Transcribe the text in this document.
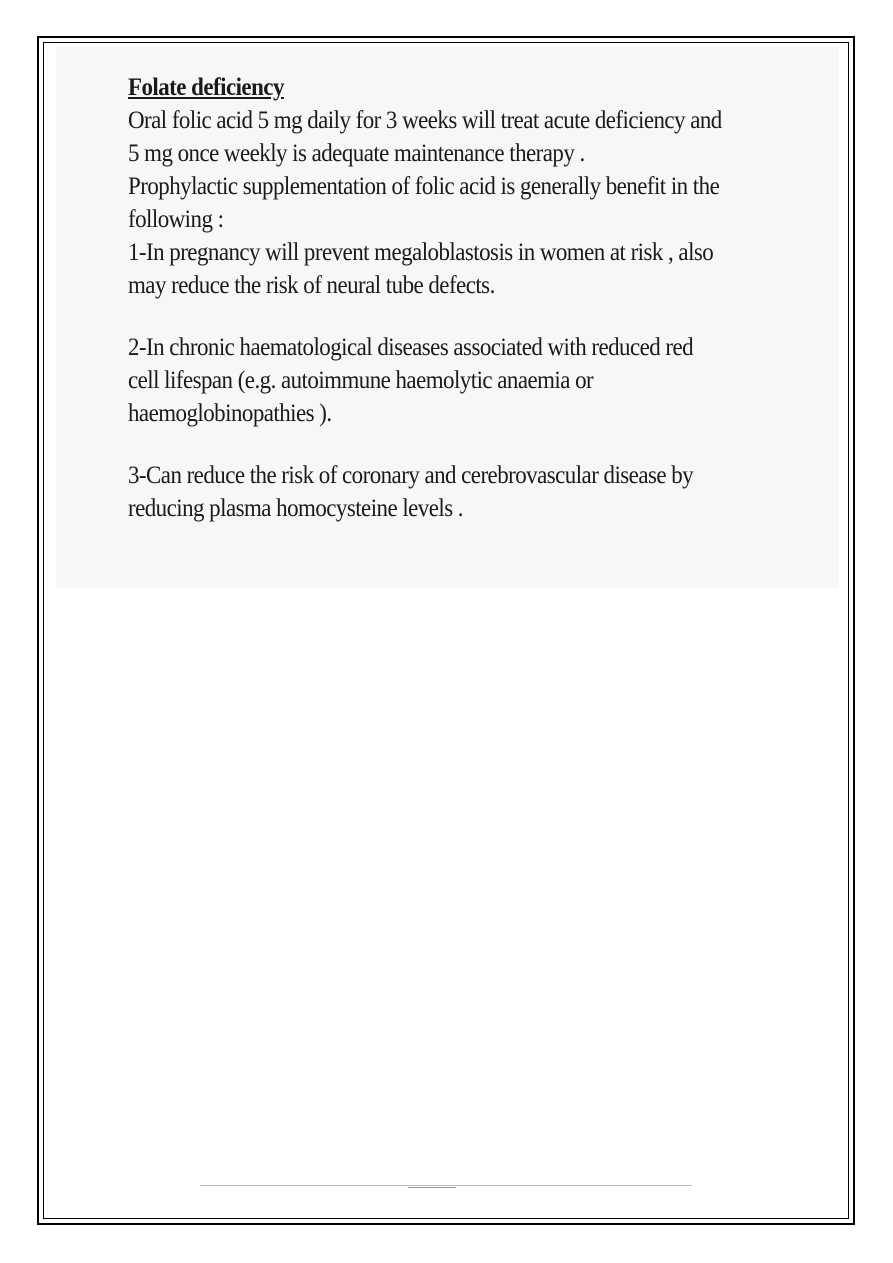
Folate deficiency

Oral folic acid 5 mg daily for 3 weeks will treat acute deficiency and 5 mg once weekly is adequate maintenance therapy .

Prophylactic supplementation of folic acid is generally benefit in the following :

1-In pregnancy will prevent megaloblastosis in women at risk , also may reduce the risk of neural tube defects.

2-In chronic haematological diseases associated with reduced red cell lifespan (e.g. autoimmune haemolytic anaemia or haemoglobinopathies ).

3-Can reduce the risk of coronary and cerebrovascular disease by reducing plasma homocysteine levels .
